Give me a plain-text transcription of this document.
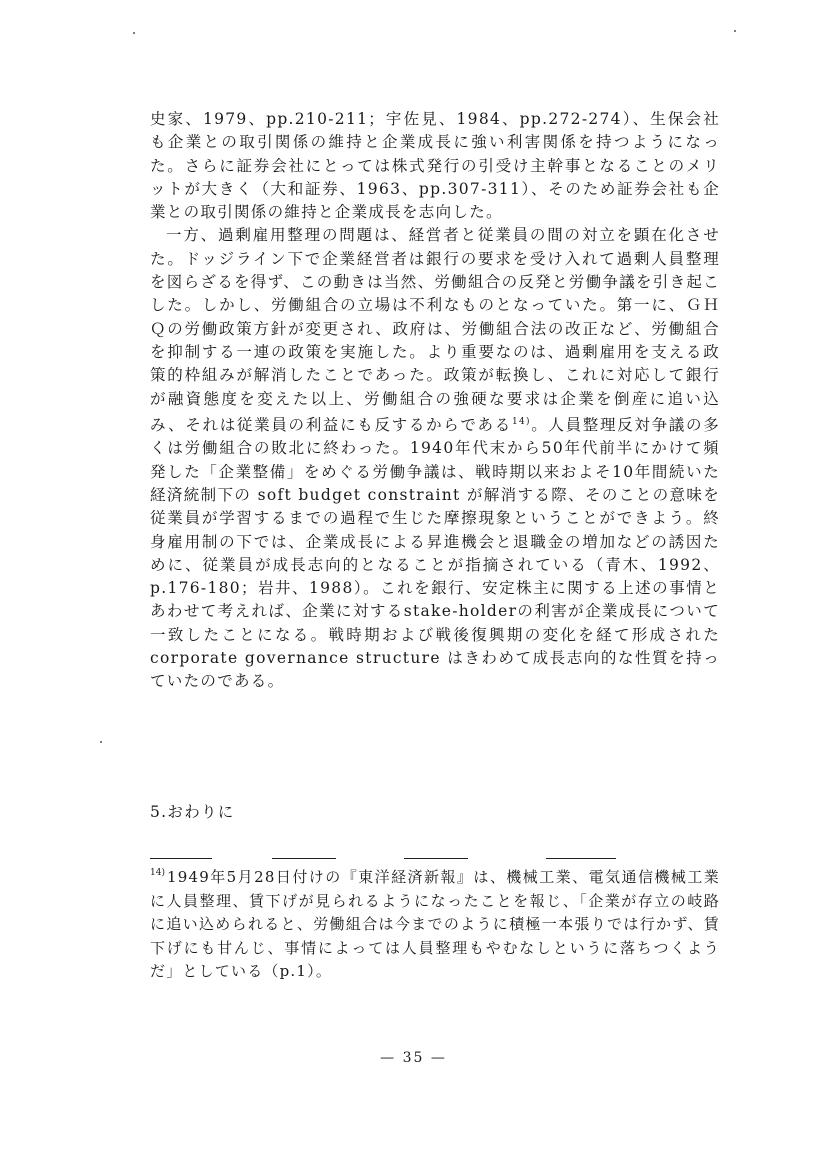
史家、1979、pp.210-211；宇佐見、1984、pp.272-274）、生保会社も企業との取引関係の維持と企業成長に強い利害関係を持つようになった。さらに証券会社にとっては株式発行の引受け主幹事となることのメリットが大きく（大和証券、1963、pp.307-311）、そのため証券会社も企業との取引関係の維持と企業成長を志向した。

一方、過剰雇用整理の問題は、経営者と従業員の間の対立を顕在化させた。ドッジライン下で企業経営者は銀行の要求を受け入れて過剰人員整理を図らざるを得ず、この動きは当然、労働組合の反発と労働争議を引き起こした。しかし、労働組合の立場は不利なものとなっていた。第一に、ＧＨＱの労働政策方針が変更され、政府は、労働組合法の改正など、労働組合を抑制する一連の政策を実施した。より重要なのは、過剰雇用を支える政策的枠組みが解消したことであった。政策が転換し、これに対応して銀行が融資態度を変えた以上、労働組合の強硬な要求は企業を倒産に追い込み、それは従業員の利益にも反するからである$^{14)}$。人員整理反対争議の多くは労働組合の敗北に終わった。1940年代末から50年代前半にかけて頻発した「企業整備」をめぐる労働争議は、戦時期以来およそ10年間続いた経済統制下の soft budget constraint が解消する際、そのことの意味を従業員が学習するまでの過程で生じた摩擦現象ということができよう。終身雇用制の下では、企業成長による昇進機会と退職金の増加などの誘因ために、従業員が成長志向的となることが指摘されている（青木、1992、p.176-180；岩井、1988）。これを銀行、安定株主に関する上述の事情とあわせて考えれば、企業に対するstake-holderの利害が企業成長について一致したことになる。戦時期および戦後復興期の変化を経て形成された corporate governance structure はきわめて成長志向的な性質を持っていたのである。

5.おわりに
$^{14)}$ 1949年5月28日付けの『東洋経済新報』は、機械工業、電気通信機械工業に人員整理、賃下げが見られるようになったことを報じ、「企業が存立の岐路に追い込められると、労働組合は今までのように積極一本張りでは行かず、賃下げにも甘んじ、事情によっては人員整理もやむなしというに落ちつくようだ」としている（p.1）。
— 35 —
